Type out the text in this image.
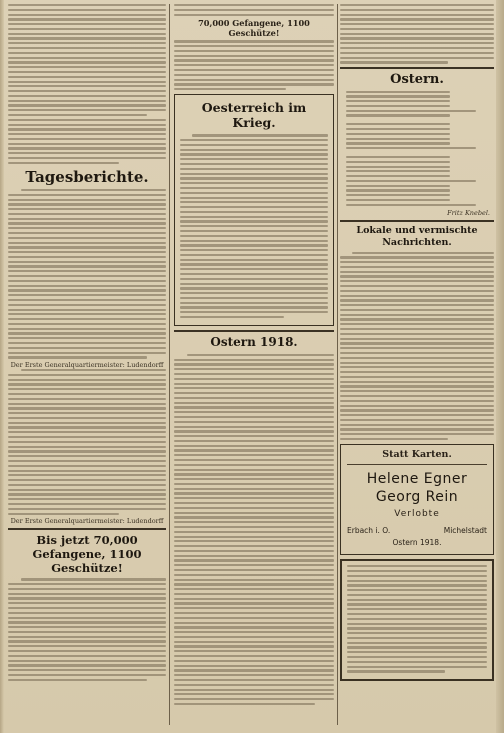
Tagesberichte.
Der Erste Generalquartiermeister: Ludendorff
Der Erste Generalquartiermeister: Ludendorff
Bis jetzt 70,000 Gefangene, 1100 Geschütze!
70,000 Gefangene, 1100 Geschütze!
Oesterreich im Krieg.
Ostern 1918.
Ostern.
Fritz Knebel.
Lokale und vermischte Nachrichten.
Statt Karten.
Helene Egner
Georg Rein
Verlobte
Erbach i. O.	Michelstadt
Ostern 1918.
